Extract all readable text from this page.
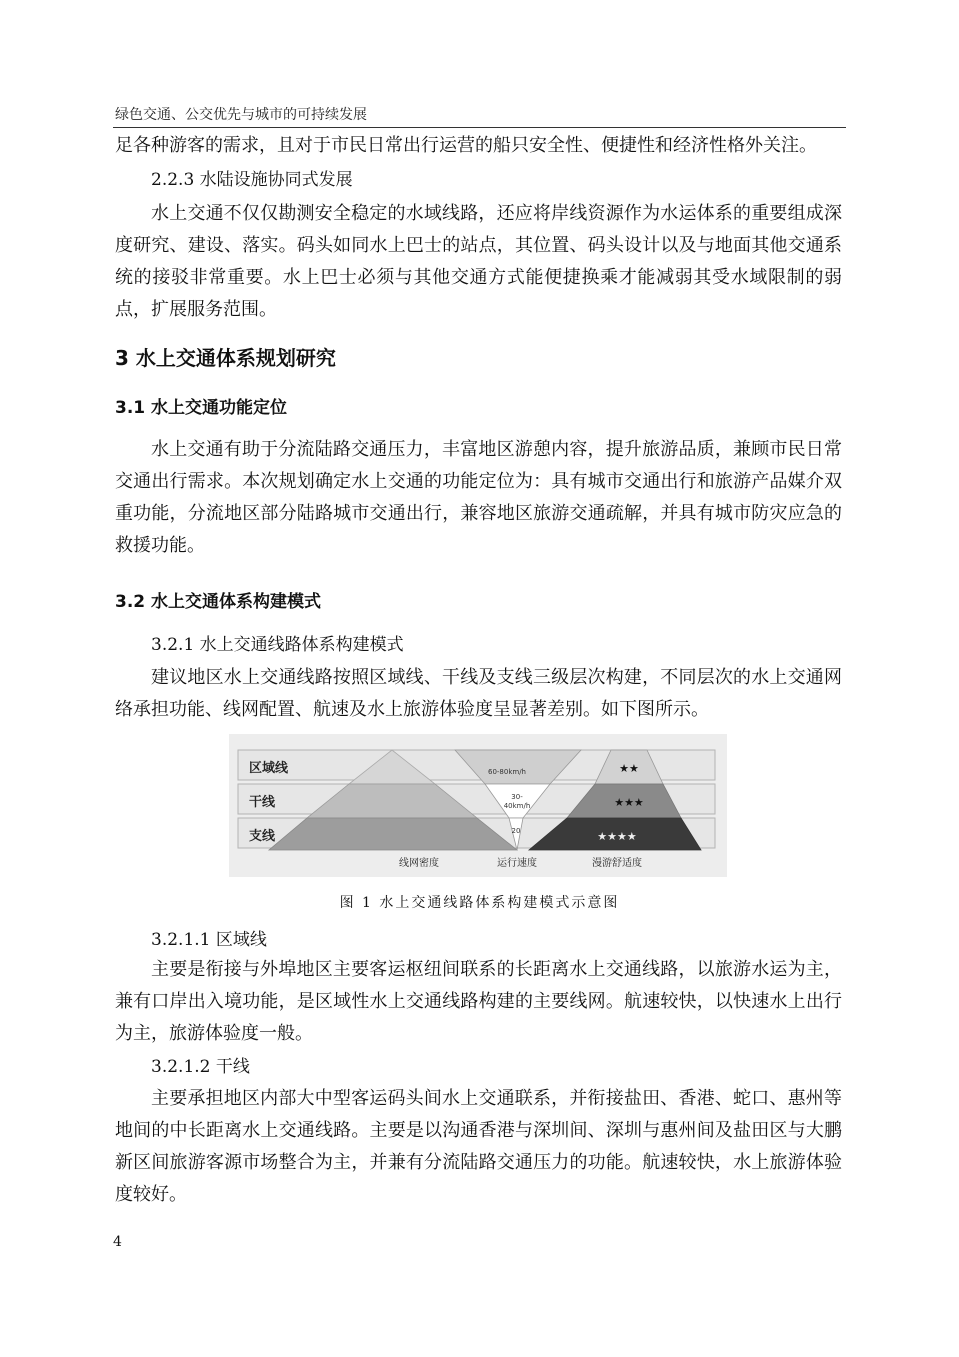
绿色交通、公交优先与城市的可持续发展
足各种游客的需求，且对于市民日常出行运营的船只安全性、便捷性和经济性格外关注。
2.2.3 水陆设施协同式发展
水上交通不仅仅勘测安全稳定的水域线路，还应将岸线资源作为水运体系的重要组成深度研究、建设、落实。码头如同水上巴士的站点，其位置、码头设计以及与地面其他交通系统的接驳非常重要。水上巴士必须与其他交通方式能便捷换乘才能减弱其受水域限制的弱点，扩展服务范围。
3 水上交通体系规划研究
3.1 水上交通功能定位
水上交通有助于分流陆路交通压力，丰富地区游憩内容，提升旅游品质，兼顾市民日常交通出行需求。本次规划确定水上交通的功能定位为：具有城市交通出行和旅游产品媒介双重功能，分流地区部分陆路城市交通出行，兼容地区旅游交通疏解，并具有城市防灾应急的救援功能。
3.2 水上交通体系构建模式
3.2.1 水上交通线路体系构建模式
建议地区水上交通线路按照区域线、干线及支线三级层次构建，不同层次的水上交通网络承担功能、线网配置、航速及水上旅游体验度呈显著差别。如下图所示。
区域线
干线
支线
60-80km/h
30-
40km/h
20
★★
★★★
★★★★
线网密度	运行速度	漫游舒适度
图 1 水上交通线路体系构建模式示意图
3.2.1.1 区域线
主要是衔接与外埠地区主要客运枢纽间联系的长距离水上交通线路，以旅游水运为主，兼有口岸出入境功能，是区域性水上交通线路构建的主要线网。航速较快，以快速水上出行为主，旅游体验度一般。
3.2.1.2 干线
主要承担地区内部大中型客运码头间水上交通联系，并衔接盐田、香港、蛇口、惠州等地间的中长距离水上交通线路。主要是以沟通香港与深圳间、深圳与惠州间及盐田区与大鹏新区间旅游客源市场整合为主，并兼有分流陆路交通压力的功能。航速较快，水上旅游体验度较好。
4
